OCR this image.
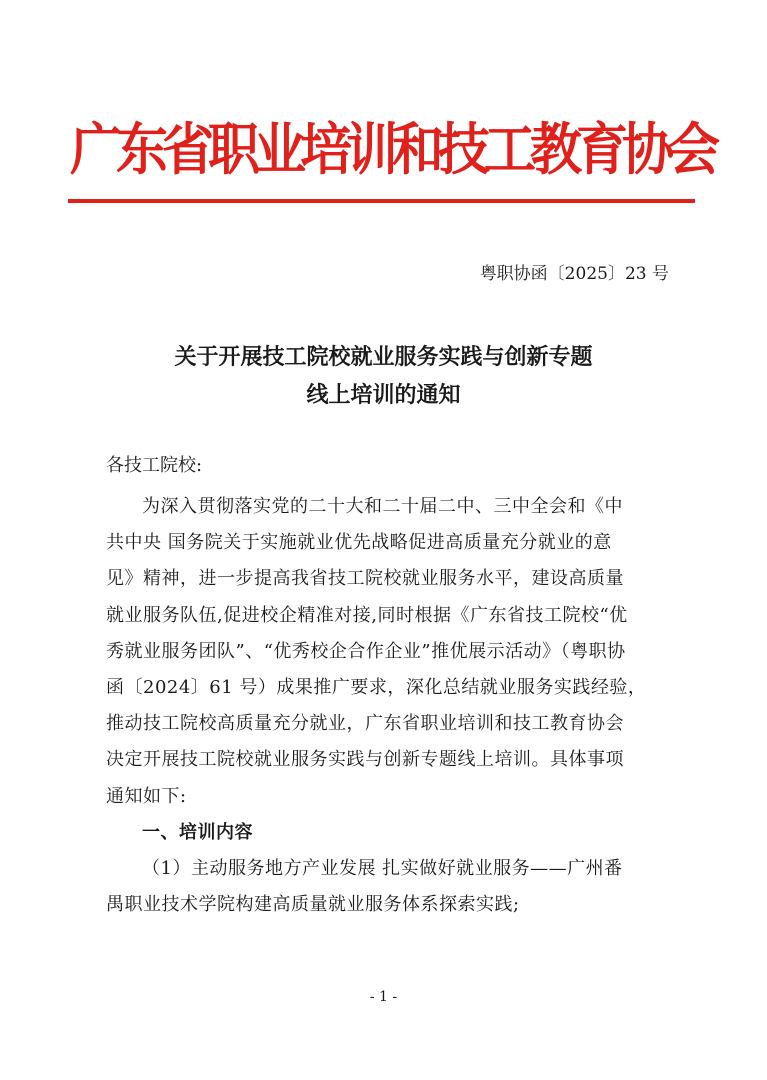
广东省职业培训和技工教育协会
粤职协函〔2025〕23 号
关于开展技工院校就业服务实践与创新专题
线上培训的通知
各技工院校:
为深入贯彻落实党的二十大和二十届二中、三中全会和《中
共中央 国务院关于实施就业优先战略促进高质量充分就业的意
见》精神，进一步提高我省技工院校就业服务水平，建设高质量
就业服务队伍,促进校企精准对接,同时根据《广东省技工院校“优
秀就业服务团队”、“优秀校企合作企业”推优展示活动》（粤职协
函〔2024〕61 号）成果推广要求，深化总结就业服务实践经验，
推动技工院校高质量充分就业，广东省职业培训和技工教育协会
决定开展技工院校就业服务实践与创新专题线上培训。具体事项
通知如下:
一、培训内容
（1）主动服务地方产业发展 扎实做好就业服务——广州番
禺职业技术学院构建高质量就业服务体系探索实践;
- 1 -
